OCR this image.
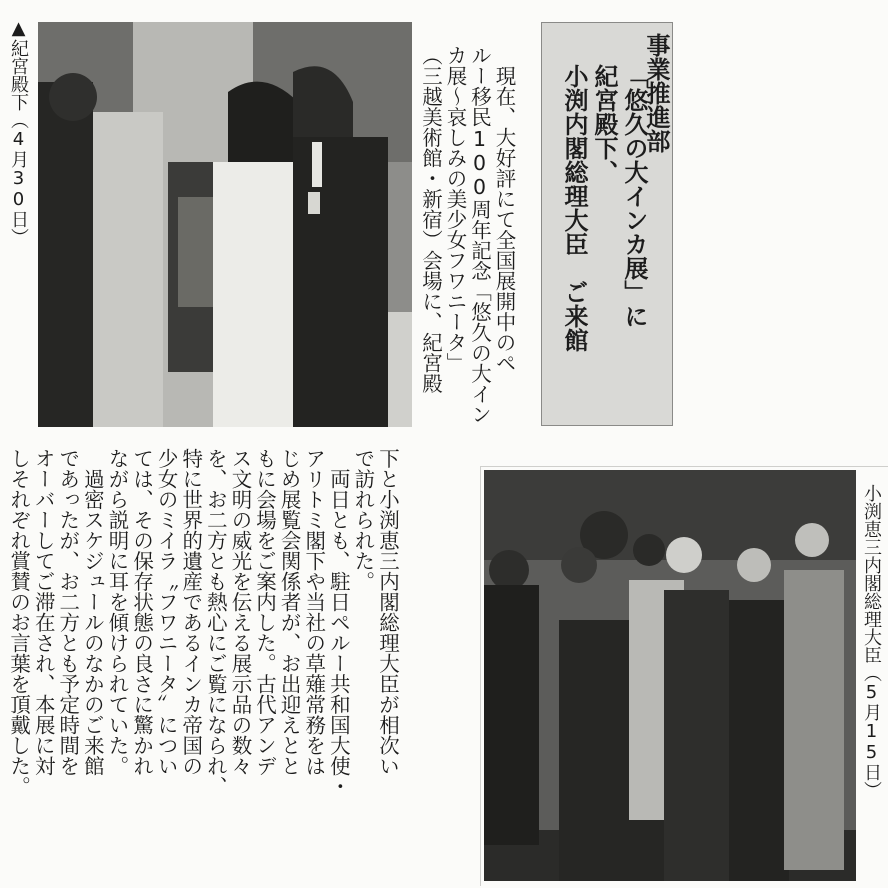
▲紀宮殿下（4月30日）	　現在、大好評にて全国展開中のペ
ルー移民100周年記念「悠久の大イン
カ展〜哀しみの美少女フワニータ」
（三越美術館・新宿）会場に、紀宮殿	事業推進部
「悠久の大インカ展」に
紀宮殿下、
小渕内閣総理大臣　ご来館
下と小渕恵三内閣総理大臣が相次い
で訪れられた。
　両日とも、駐日ペルー共和国大使・
アリトミ閣下や当社の草薙常務をは
じめ展覧会関係者が、お出迎えとと
もに会場をご案内した。古代アンデ
ス文明の威光を伝える展示品の数々
を、お二方とも熱心にご覧になられ、
特に世界的遺産であるインカ帝国の
少女のミイラ〝フワニータ〟につい
ては、その保存状態の良さに驚かれ
ながら説明に耳を傾けられていた。
　過密スケジュールのなかのご来館
であったが、お二方とも予定時間を
オーバーしてご滞在され、本展に対
しそれぞれ賞賛のお言葉を頂戴した。	小渕恵三内閣総理大臣（5月15日）
